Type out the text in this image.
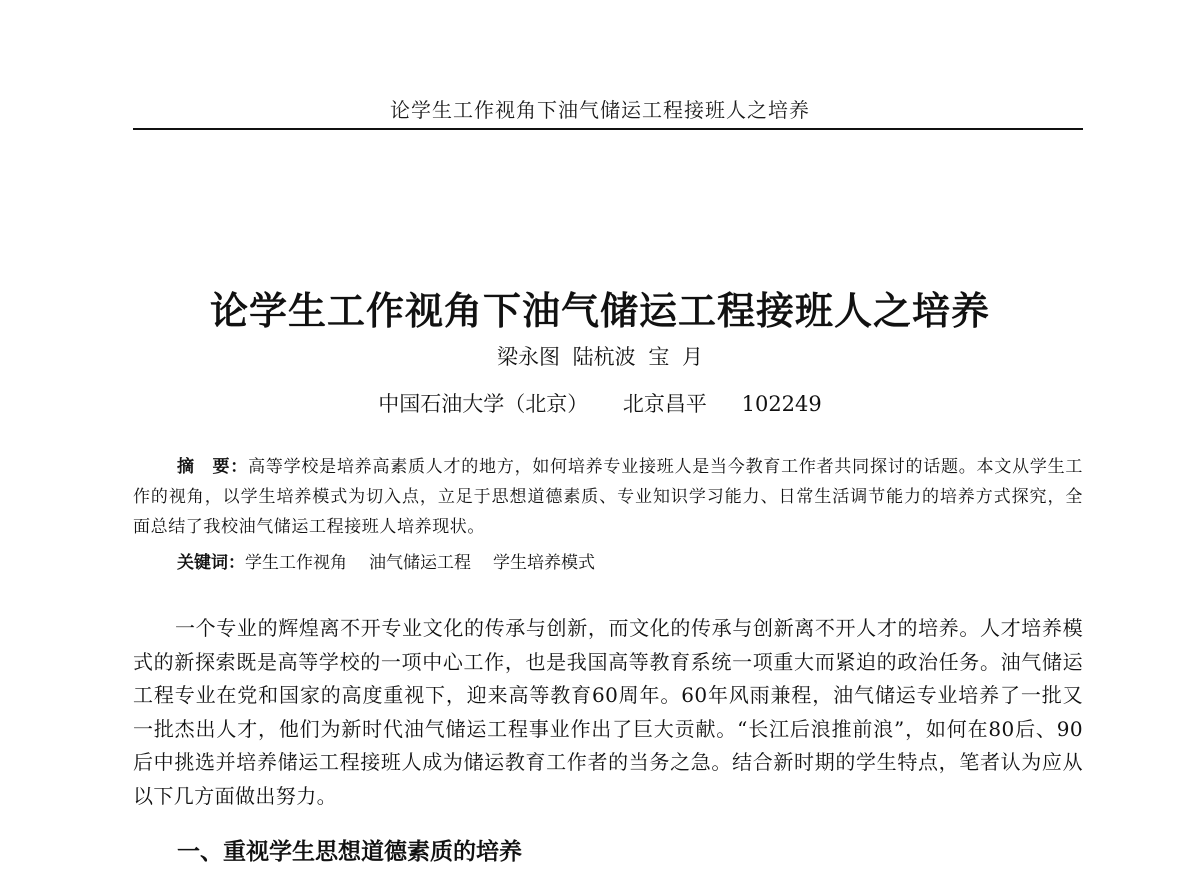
论学生工作视角下油气储运工程接班人之培养
论学生工作视角下油气储运工程接班人之培养
梁永图 陆杭波 宝 月
中国石油大学（北京） 北京昌平 102249

摘　要：高等学校是培养高素质人才的地方，如何培养专业接班人是当今教育工作者共同探讨的话题。本文从学生工作的视角，以学生培养模式为切入点，立足于思想道德素质、专业知识学习能力、日常生活调节能力的培养方式探究，全面总结了我校油气储运工程接班人培养现状。

关键词：学生工作视角 油气储运工程 学生培养模式

一个专业的辉煌离不开专业文化的传承与创新，而文化的传承与创新离不开人才的培养。人才培养模式的新探索既是高等学校的一项中心工作，也是我国高等教育系统一项重大而紧迫的政治任务。油气储运工程专业在党和国家的高度重视下，迎来高等教育60周年。60年风雨兼程，油气储运专业培养了一批又一批杰出人才，他们为新时代油气储运工程事业作出了巨大贡献。“长江后浪推前浪”，如何在80后、90后中挑选并培养储运工程接班人成为储运教育工作者的当务之急。结合新时期的学生特点，笔者认为应从以下几方面做出努力。

一、重视学生思想道德素质的培养
